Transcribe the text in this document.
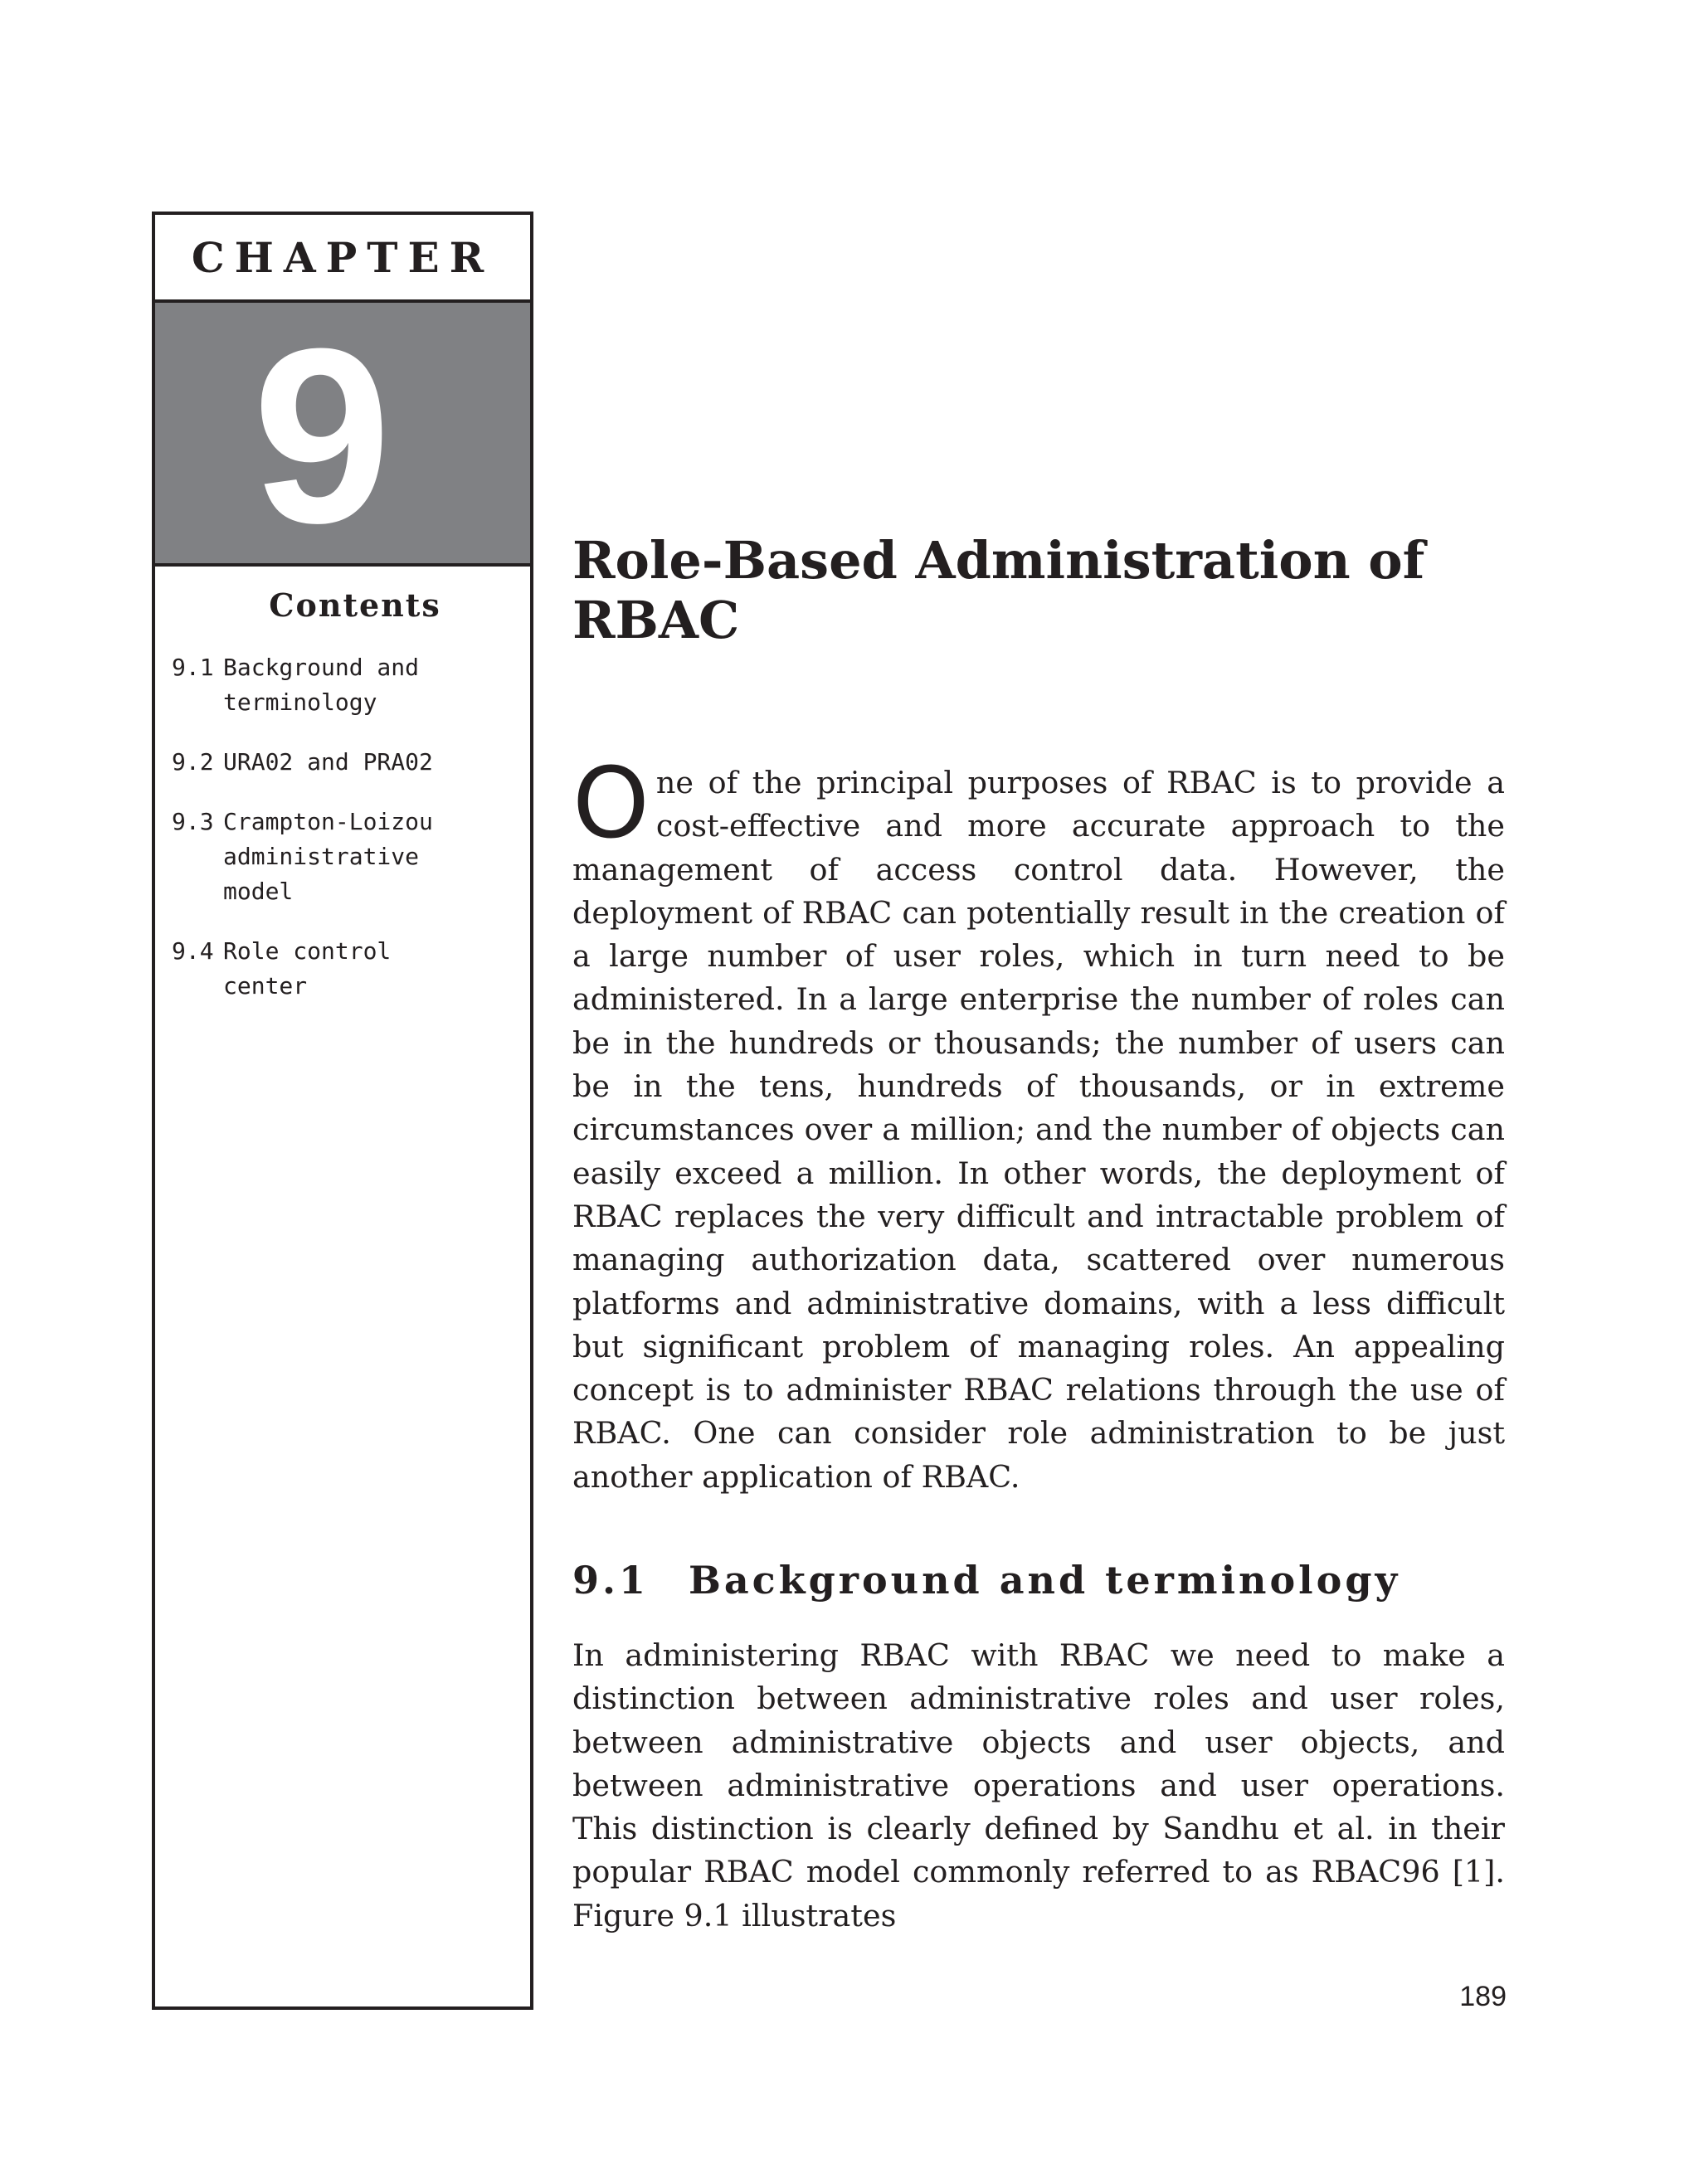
CHAPTER
9
Contents
9.1 Background and terminology
9.2 URA02 and PRA02
9.3 Crampton-Loizou administrative model
9.4 Role control center
Role-Based Administration of
RBAC

One of the principal purposes of RBAC is to provide a cost-effective and more accurate approach to the management of access control data. However, the deployment of RBAC can potentially result in the creation of a large number of user roles, which in turn need to be administered. In a large enterprise the number of roles can be in the hundreds or thousands; the number of users can be in the tens, hundreds of thousands, or in extreme circumstances over a million; and the number of objects can easily exceed a million. In other words, the deployment of RBAC replaces the very difficult and intractable problem of managing authorization data, scattered over numerous platforms and administrative domains, with a less difficult but significant problem of managing roles. An appealing concept is to administer RBAC relations through the use of RBAC. One can consider role administration to be just another application of RBAC.

9.1 Background and terminology

In administering RBAC with RBAC we need to make a distinction between administrative roles and user roles, between administrative objects and user objects, and between administrative operations and user operations. This distinction is clearly defined by Sandhu et al. in their popular RBAC model commonly referred to as RBAC96 [1]. Figure 9.1 illustrates

189
